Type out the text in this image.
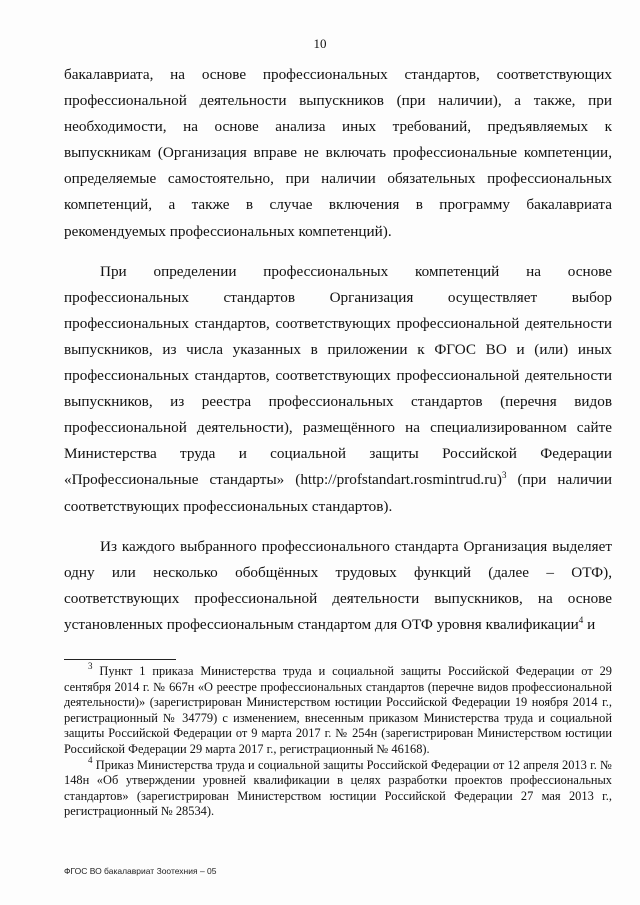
10

бакалавриата, на основе профессиональных стандартов, соответствующих профессиональной деятельности выпускников (при наличии), а также, при необходимости, на основе анализа иных требований, предъявляемых к выпускникам (Организация вправе не включать профессиональные компетенции, определяемые самостоятельно, при наличии обязательных профессиональных компетенций, а также в случае включения в программу бакалавриата рекомендуемых профессиональных компетенций).

При определении профессиональных компетенций на основе профессиональных стандартов Организация осуществляет выбор профессиональных стандартов, соответствующих профессиональной деятельности выпускников, из числа указанных в приложении к ФГОС ВО и (или) иных профессиональных стандартов, соответствующих профессиональной деятельности выпускников, из реестра профессиональных стандартов (перечня видов профессиональной деятельности), размещённого на специализированном сайте Министерства труда и социальной защиты Российской Федерации «Профессиональные стандарты» (http://profstandart.rosmintrud.ru)$^3$ (при наличии соответствующих профессиональных стандартов).

Из каждого выбранного профессионального стандарта Организация выделяет одну или несколько обобщённых трудовых функций (далее – ОТФ), соответствующих профессиональной деятельности выпускников, на основе установленных профессиональным стандартом для ОТФ уровня квалификации$^4$ и

$^3$ Пункт 1 приказа Министерства труда и социальной защиты Российской Федерации от 29 сентября 2014 г. № 667н «О реестре профессиональных стандартов (перечне видов профессиональной деятельности)» (зарегистрирован Министерством юстиции Российской Федерации 19 ноября 2014 г., регистрационный № 34779) с изменением, внесенным приказом Министерства труда и социальной защиты Российской Федерации от 9 марта 2017 г. № 254н (зарегистрирован Министерством юстиции Российской Федерации 29 марта 2017 г., регистрационный № 46168).

$^4$ Приказ Министерства труда и социальной защиты Российской Федерации от 12 апреля 2013 г. № 148н «Об утверждении уровней квалификации в целях разработки проектов профессиональных стандартов» (зарегистрирован Министерством юстиции Российской Федерации 27 мая 2013 г., регистрационный № 28534).

ФГОС ВО бакалавриат Зоотехния – 05
